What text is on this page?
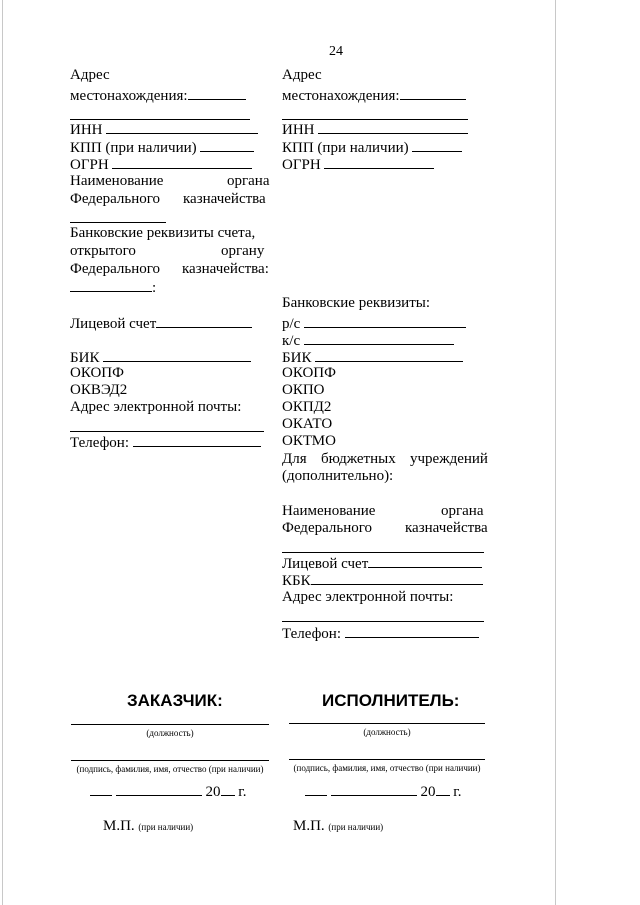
24
Адрес
местонахождения:
ИНН
КПП (при наличии)
ОГРН
Наименование	органа
Федерального казначейства
Банковские реквизиты счета,
открытого	органу
Федерального казначейства:
:
Лицевой счет
БИК
ОКОПФ
ОКВЭД2
Адрес электронной почты:
Телефон:
Адрес
местонахождения:
ИНН
КПП (при наличии)
ОГРН
Банковские реквизиты:
р/с
к/с
БИК
ОКОПФ
ОКПО
ОКПД2
ОКАТО
ОКТМО
Для бюджетных учреждений
(дополнительно):
Наименование	органа
Федерального казначейства
Лицевой счет
КБК
Адрес электронной почты:
Телефон:
ЗАКАЗЧИК:	ИСПОЛНИТЕЛЬ:
(должность)	(должность)
(подпись, фамилия, имя, отчество (при наличии)	(подпись, фамилия, имя, отчество (при наличии)
20 г.	20 г.
М.П. (при наличии)	М.П. (при наличии)
